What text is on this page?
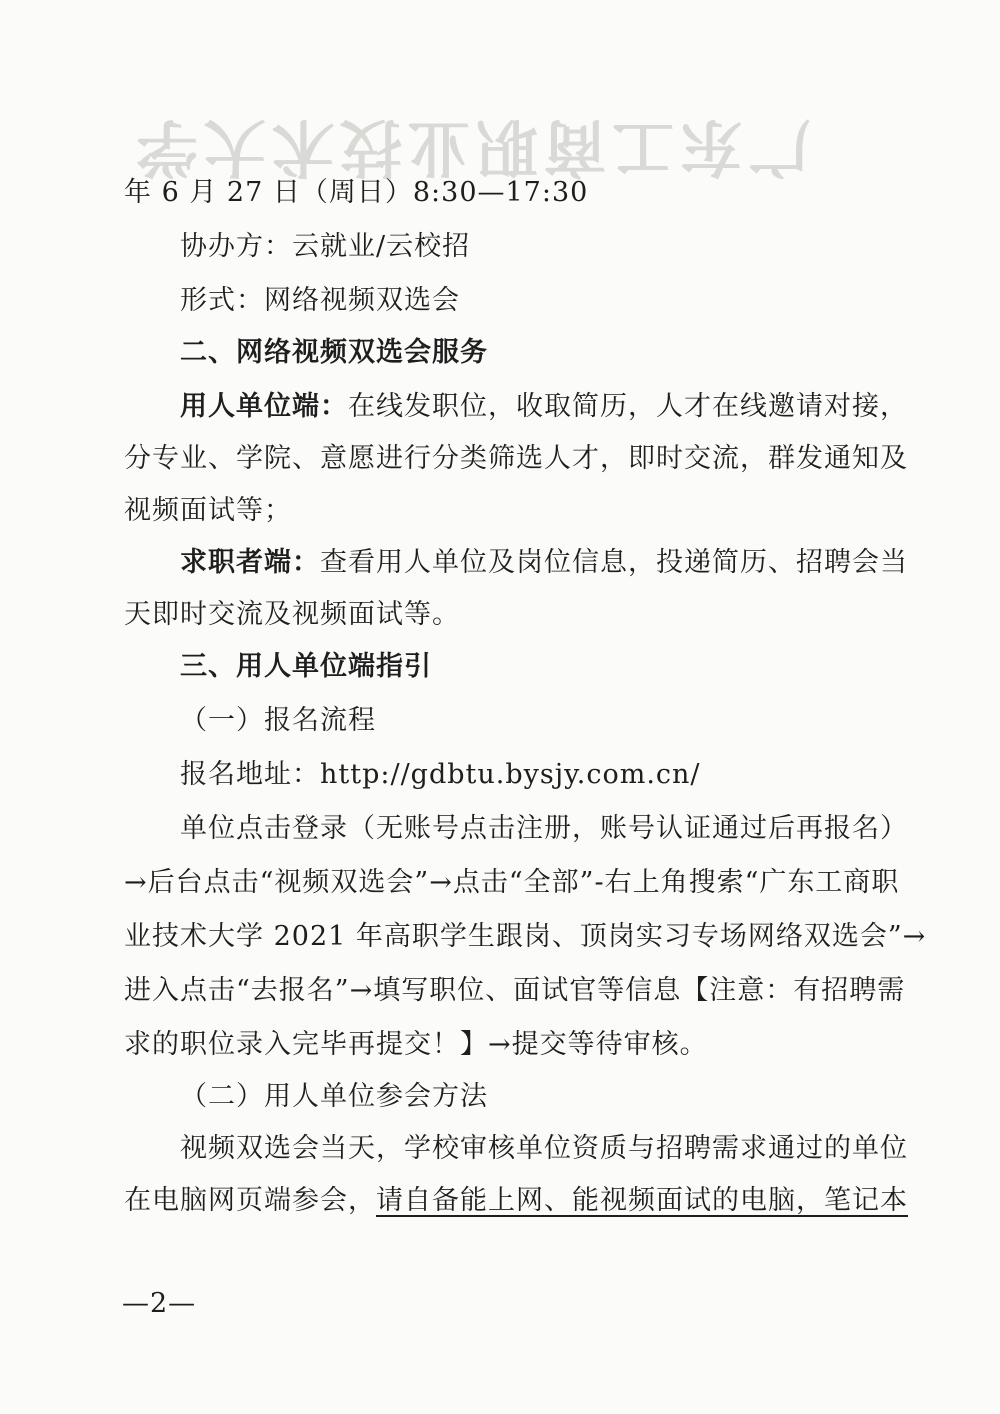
广东工商职业技术大学
年 6 月 27 日（周日）8:30—17:30
协办方：云就业/云校招
形式：网络视频双选会
二、网络视频双选会服务
用人单位端：在线发职位，收取简历，人才在线邀请对接，
分专业、学院、意愿进行分类筛选人才，即时交流，群发通知及
视频面试等；
求职者端：查看用人单位及岗位信息，投递简历、招聘会当
天即时交流及视频面试等。
三、用人单位端指引
（一）报名流程
报名地址：http://gdbtu.bysjy.com.cn/
单位点击登录（无账号点击注册，账号认证通过后再报名）
→后台点击“视频双选会”→点击“全部”-右上角搜索“广东工商职
业技术大学 2021 年高职学生跟岗、顶岗实习专场网络双选会”→
进入点击“去报名”→填写职位、面试官等信息【注意：有招聘需
求的职位录入完毕再提交！】→提交等待审核。
（二）用人单位参会方法
视频双选会当天，学校审核单位资质与招聘需求通过的单位
在电脑网页端参会，请自备能上网、能视频面试的电脑，笔记本
—2—
